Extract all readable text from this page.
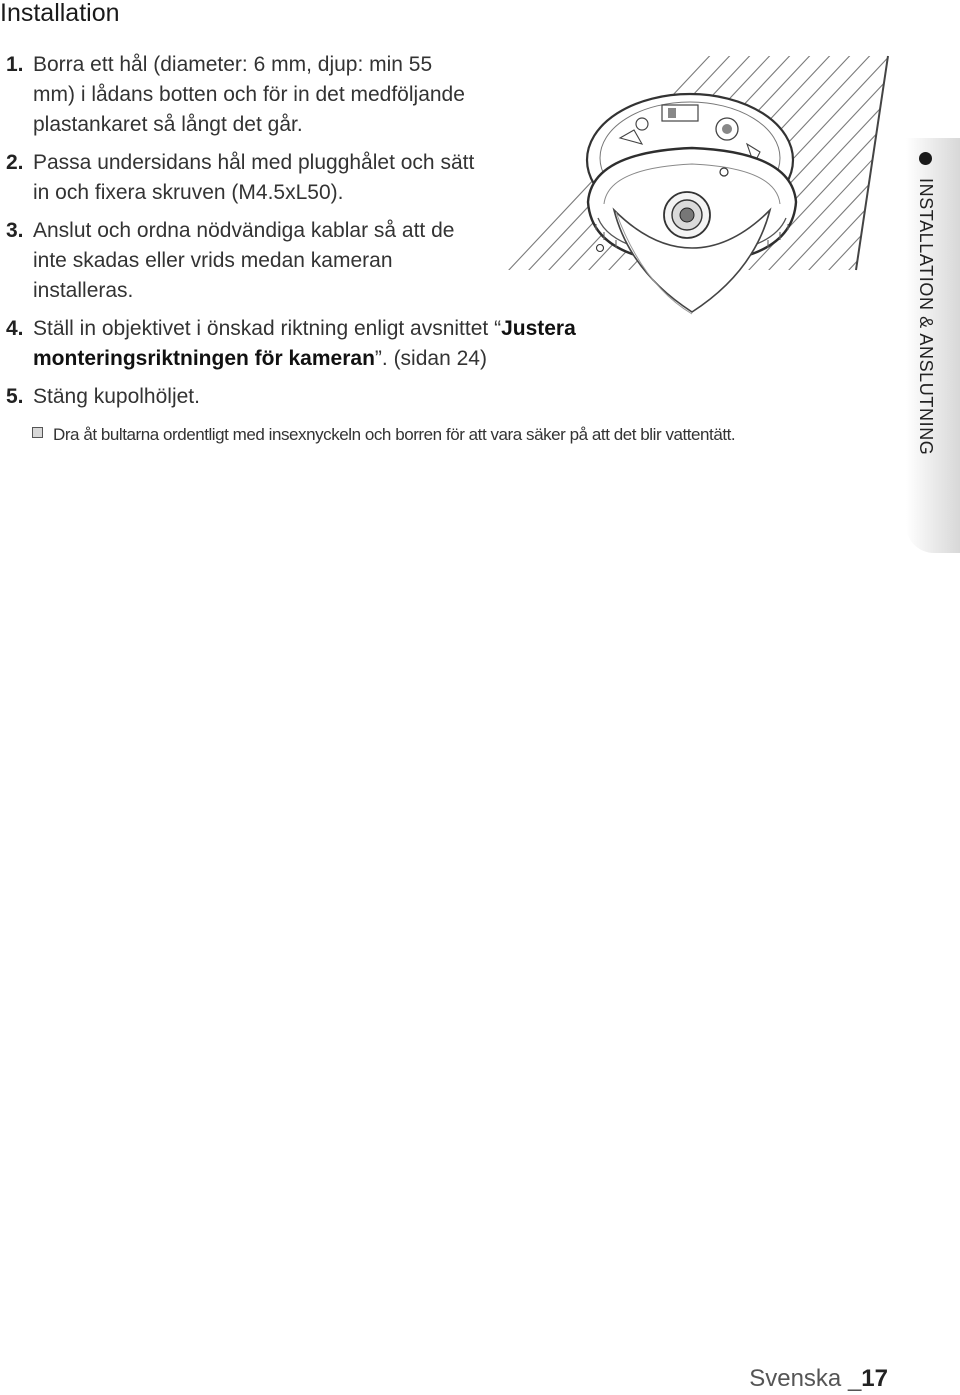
Installation
1. Borra ett hål (diameter: 6 mm, djup: min 55 mm) i lådans botten och för in det medföljande plastankaret så långt det går.
2. Passa undersidans hål med plugghålet och sätt in och fixera skruven (M4.5xL50).
3. Anslut och ordna nödvändiga kablar så att de inte skadas eller vrids medan kameran installeras.
4. Ställ in objektivet i önskad riktning enligt avsnittet “Justera monteringsriktningen för kameran”. (sidan 24)
5. Stäng kupolhöljet.
Dra åt bultarna ordentligt med insexnyckeln och borren för att vara säker på att det blir vattentätt.	INSTALLATION & ANSLUTNING
Svenska _17
